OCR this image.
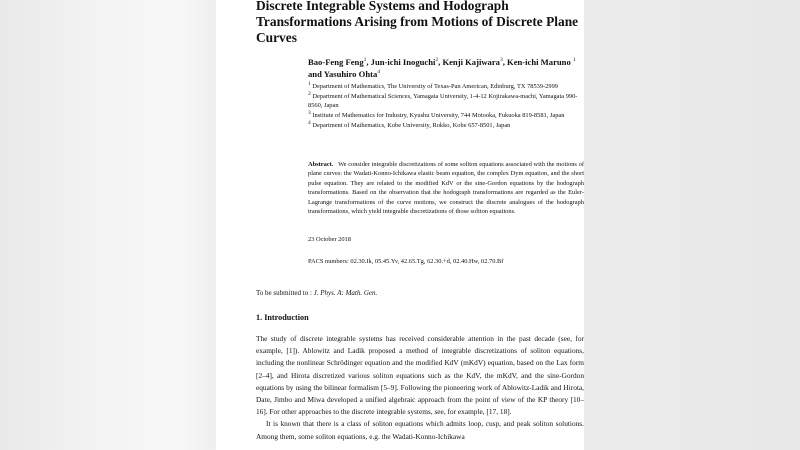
Discrete Integrable Systems and Hodograph Transformations Arising from Motions of Discrete Plane Curves
Bao-Feng Feng$^1$, Jun-ichi Inoguchi$^2$, Kenji Kajiwara$^3$, Ken-ichi Maruno $^1$
and Yasuhiro Ohta$^4$

$^1$ Department of Mathematics, The University of Texas-Pan American, Edinburg, TX 78539-2999

$^2$ Department of Mathematical Sciences, Yamagata University, 1-4-12 Kojirakawa-machi, Yamagata 990-8560, Japan

$^3$ Institute of Mathematics for Industry, Kyushu University, 744 Motooka, Fukuoka 819-8581, Japan

$^4$ Department of Mathematics, Kobe University, Rokko, Kobe 657-8501, Japan

Abstract. We consider integrable discretizations of some soliton equations associated with the motions of plane curves: the Wadati-Konno-Ichikawa elastic beam equation, the complex Dym equation, and the short pulse equation. They are related to the modified KdV or the sine-Gordon equations by the hodograph transformations. Based on the observation that the hodograph transformations are regarded as the Euler-Lagrange transformations of the curve motions, we construct the discrete analogues of the hodograph transformations, which yield integrable discretizations of those soliton equations.
23 October 2018
PACS numbers: 02.30.Ik, 05.45.Yv, 42.65.Tg, 62.30.+d, 02.40.Hw, 02.70.Bf
To be submitted to : J. Phys. A: Math. Gen.
1. Introduction

The study of discrete integrable systems has received considerable attention in the past decade (see, for example, [1]). Ablowitz and Ladik proposed a method of integrable discretizations of soliton equations, including the nonlinear Schrödinger equation and the modified KdV (mKdV) equation, based on the Lax form [2–4], and Hirota discretized various soliton equations such as the KdV, the mKdV, and the sine-Gordon equations by using the bilinear formalism [5–9]. Following the pioneering work of Ablowitz-Ladik and Hirota, Date, Jimbo and Miwa developed a unified algebraic approach from the point of view of the KP theory [10–16]. For other approaches to the discrete integrable systems, see, for example, [17, 18].

It is known that there is a class of soliton equations which admits loop, cusp, and peak soliton solutions. Among them, some soliton equations, e.g. the Wadati-Konno-Ichikawa
